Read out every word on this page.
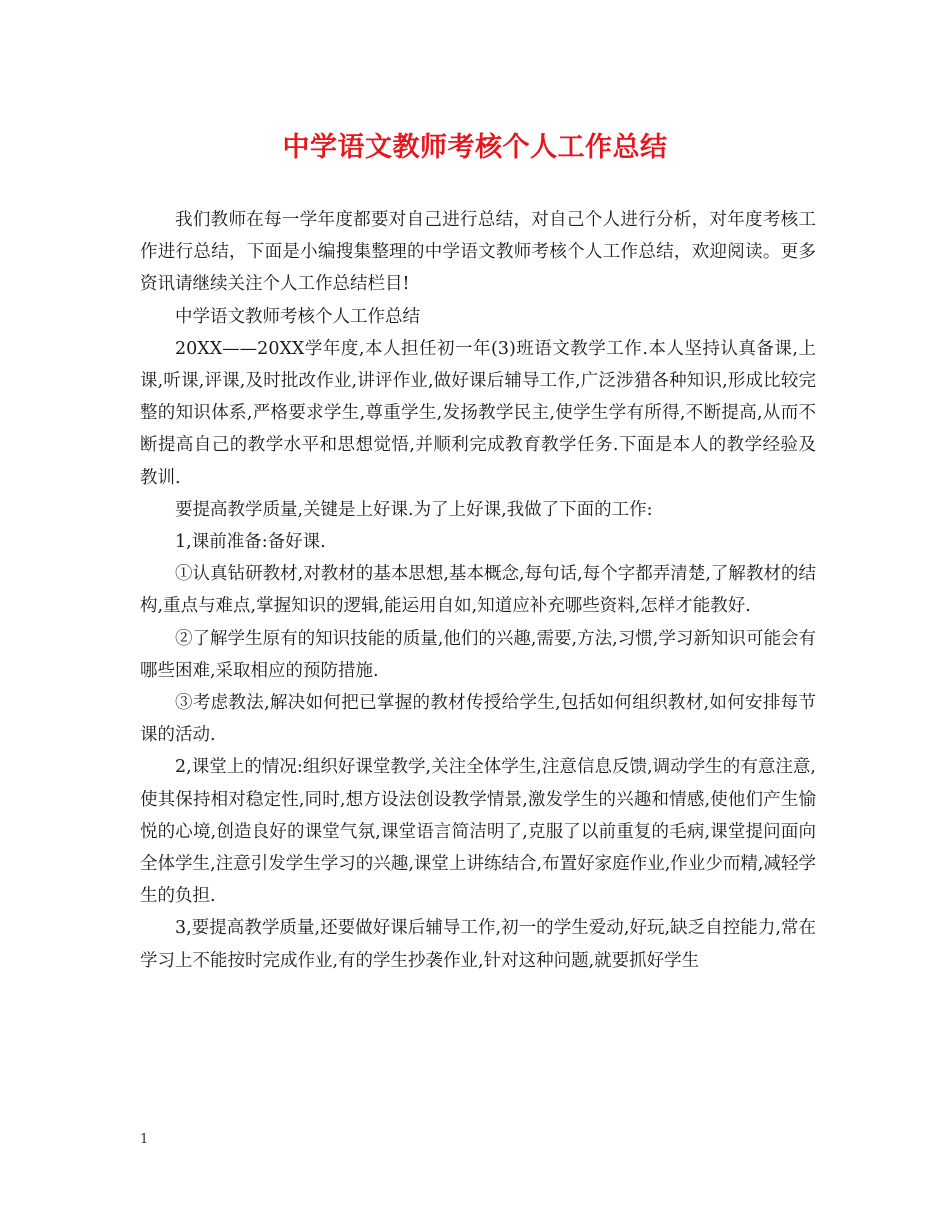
中学语文教师考核个人工作总结

我们教师在每一学年度都要对自己进行总结，对自己个人进行分析，对年度考核工作进行总结，下面是小编搜集整理的中学语文教师考核个人工作总结，欢迎阅读。更多资讯请继续关注个人工作总结栏目!

中学语文教师考核个人工作总结

20XX——20XX学年度,本人担任初一年(3)班语文教学工作.本人坚持认真备课,上课,听课,评课,及时批改作业,讲评作业,做好课后辅导工作,广泛涉猎各种知识,形成比较完整的知识体系,严格要求学生,尊重学生,发扬教学民主,使学生学有所得,不断提高,从而不断提高自己的教学水平和思想觉悟,并顺利完成教育教学任务.下面是本人的教学经验及教训.

要提高教学质量,关键是上好课.为了上好课,我做了下面的工作:

1,课前准备:备好课.

①认真钻研教材,对教材的基本思想,基本概念,每句话,每个字都弄清楚,了解教材的结构,重点与难点,掌握知识的逻辑,能运用自如,知道应补充哪些资料,怎样才能教好.

②了解学生原有的知识技能的质量,他们的兴趣,需要,方法,习惯,学习新知识可能会有哪些困难,采取相应的预防措施.

③考虑教法,解决如何把已掌握的教材传授给学生,包括如何组织教材,如何安排每节课的活动.

2,课堂上的情况:组织好课堂教学,关注全体学生,注意信息反馈,调动学生的有意注意,使其保持相对稳定性,同时,想方设法创设教学情景,激发学生的兴趣和情感,使他们产生愉悦的心境,创造良好的课堂气氛,课堂语言简洁明了,克服了以前重复的毛病,课堂提问面向全体学生,注意引发学生学习的兴趣,课堂上讲练结合,布置好家庭作业,作业少而精,减轻学生的负担.

3,要提高教学质量,还要做好课后辅导工作,初一的学生爱动,好玩,缺乏自控能力,常在学习上不能按时完成作业,有的学生抄袭作业,针对这种问题,就要抓好学生

1
